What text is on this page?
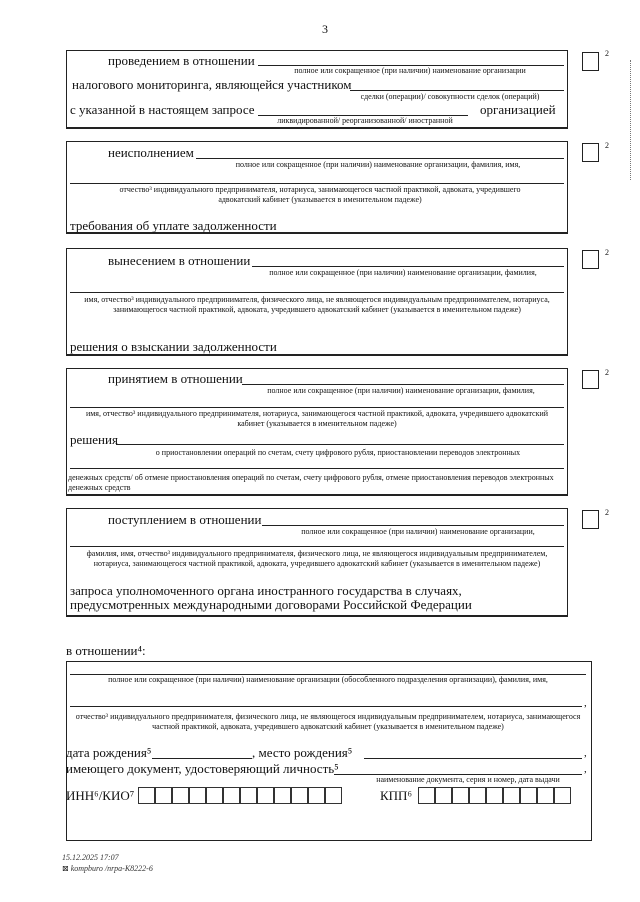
3
проведением в отношении
полное или сокращенное (при наличии) наименование организации
налогового мониторинга, являющейся участником
сделки (операции)/ совокупности сделок (операций)
с указанной в настоящем запросе	организацией
ликвидированной/ реорганизованной/ иностранной
2
неисполнением
полное или сокращенное (при наличии) наименование организации, фамилия, имя,
отчество³ индивидуального предпринимателя, нотариуса, занимающегося частной практикой, адвоката, учредившего адвокатский кабинет (указывается в именительном падеже)
требования об уплате задолженности
2
вынесением в отношении
полное или сокращенное (при наличии) наименование организации, фамилия,
имя, отчество³ индивидуального предпринимателя, физического лица, не являющегося индивидуальным предпринимателем, нотариуса, занимающегося частной практикой, адвоката, учредившего адвокатский кабинет (указывается в именительном падеже)
решения о взыскании задолженности
2
принятием в отношении
полное или сокращенное (при наличии) наименование организации, фамилия,
имя, отчество³ индивидуального предпринимателя, нотариуса, занимающегося частной практикой, адвоката, учредившего адвокатский кабинет (указывается в именительном падеже)
решения
о приостановлении операций по счетам, счету цифрового рубля, приостановлении переводов электронных
денежных средств/ об отмене приостановления операций по счетам, счету цифрового рубля, отмене приостановления переводов электронных денежных средств
2
поступлением в отношении
полное или сокращенное (при наличии) наименование организации,
фамилия, имя, отчество³ индивидуального предпринимателя, физического лица, не являющегося индивидуальным предпринимателем, нотариуса, занимающегося частной практикой, адвоката, учредившего адвокатский кабинет (указывается в именительном падеже)
запроса уполномоченного органа иностранного государства в случаях, предусмотренных международными договорами Российской Федерации
2
в отношении⁴:
полное или сокращенное (при наличии) наименование организации (обособленного подразделения организации), фамилия, имя,
,
отчество³ индивидуального предпринимателя, физического лица, не являющегося индивидуальным предпринимателем, нотариуса, занимающегося частной практикой, адвоката, учредившего адвокатский кабинет (указывается в именительном падеже)
дата рождения⁵	, место рождения⁵	,
имеющего документ, удостоверяющий личность⁵	,
наименование документа, серия и номер, дата выдачи
ИНН⁶/КИО⁷	КПП⁶
15.12.2025 17:07
⊠ kompburo /nrpa-K8222-6
